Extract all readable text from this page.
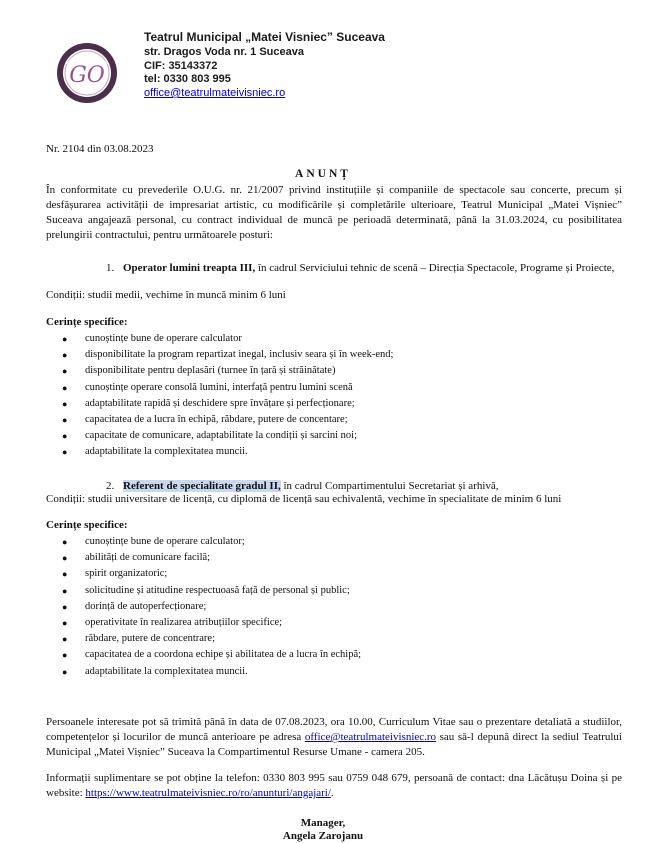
GO
Teatrul Municipal „Matei Visniec” Suceava
str. Dragos Voda nr. 1 Suceava
CIF: 35143372
tel: 0330 803 995
office@teatrulmateivisniec.ro
Nr. 2104 din 03.08.2023
ANUNȚ
În conformitate cu prevederile O.U.G. nr. 21/2007 privind instituțiile și companiile de spectacole sau concerte, precum și desfășurarea activității de impresariat artistic, cu modificările și completările ulterioare, Teatrul Municipal „Matei Vișniec” Suceava angajează personal, cu contract individual de muncă pe perioadă determinată, până la 31.03.2024, cu posibilitatea prelungirii contractului, pentru următoarele posturi:
1. Operator lumini treapta III, în cadrul Serviciului tehnic de scenă – Direcția Spectacole, Programe și Proiecte,
Condiții: studii medii, vechime în muncă minim 6 luni
Cerințe specifice:
● cunoștințe bune de operare calculator
● disponibilitate la program repartizat inegal, inclusiv seara și în week-end;
● disponibilitate pentru deplasări (turnee în țară și străinătate)
● cunoștințe operare consolă lumini, interfață pentru lumini scenă
● adaptabilitate rapidă și deschidere spre învățare și perfecționare;
● capacitatea de a lucra în echipă, răbdare, putere de concentare;
● capacitate de comunicare, adaptabilitate la condiții și sarcini noi;
● adaptabilitate la complexitatea muncii.
2. Referent de specialitate gradul II, în cadrul Compartimentului Secretariat și arhivă,
Condiții: studii universitare de licență, cu diplomă de licență sau echivalentă, vechime în specialitate de minim 6 luni
Cerințe specifice:
● cunoștințe bune de operare calculator;
● abilități de comunicare facilă;
● spirit organizatoric;
● solicitudine și atitudine respectuoasă față de personal și public;
● dorință de autoperfecționare;
● operativitate în realizarea atribuțiilor specifice;
● răbdare, putere de concentrare;
● capacitatea de a coordona echipe și abilitatea de a lucra în echipă;
● adaptabilitate la complexitatea muncii.
Persoanele interesate pot să trimită până în data de 07.08.2023, ora 10.00, Curriculum Vitae sau o prezentare detaliată a studiilor, competențelor și locurilor de muncă anterioare pe adresa office@teatrulmateivisniec.ro sau să-l depună direct la sediul Teatrului Municipal „Matei Vișniec” Suceava la Compartimentul Resurse Umane - camera 205.
Informații suplimentare se pot obține la telefon: 0330 803 995 sau 0759 048 679, persoană de contact: dna Lăcătușu Doina și pe website: https://www.teatrulmateivisniec.ro/ro/anunturi/angajari/.
Manager,
Angela Zarojanu
